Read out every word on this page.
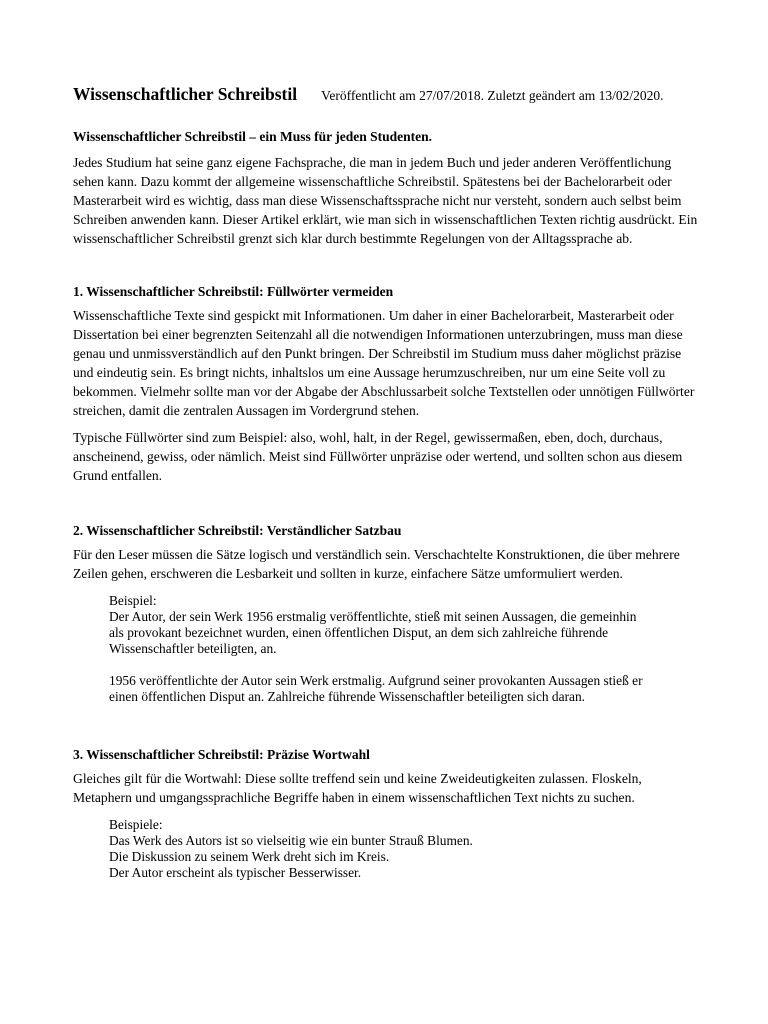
Wissenschaftlicher Schreibstil Veröffentlicht am 27/07/2018. Zuletzt geändert am 13/02/2020.
Wissenschaftlicher Schreibstil – ein Muss für jeden Studenten.

Jedes Studium hat seine ganz eigene Fachsprache, die man in jedem Buch und jeder anderen Veröffentlichung sehen kann. Dazu kommt der allgemeine wissenschaftliche Schreibstil. Spätestens bei der Bachelorarbeit oder Masterarbeit wird es wichtig, dass man diese Wissenschaftssprache nicht nur versteht, sondern auch selbst beim Schreiben anwenden kann. Dieser Artikel erklärt, wie man sich in wissenschaftlichen Texten richtig ausdrückt. Ein wissenschaftlicher Schreibstil grenzt sich klar durch bestimmte Regelungen von der Alltagssprache ab.

1. Wissenschaftlicher Schreibstil: Füllwörter vermeiden

Wissenschaftliche Texte sind gespickt mit Informationen. Um daher in einer Bachelorarbeit, Masterarbeit oder Dissertation bei einer begrenzten Seitenzahl all die notwendigen Informationen unterzubringen, muss man diese genau und unmissverständlich auf den Punkt bringen. Der Schreibstil im Studium muss daher möglichst präzise und eindeutig sein. Es bringt nichts, inhaltslos um eine Aussage herumzuschreiben, nur um eine Seite voll zu bekommen. Vielmehr sollte man vor der Abgabe der Abschlussarbeit solche Textstellen oder unnötigen Füllwörter streichen, damit die zentralen Aussagen im Vordergrund stehen.

Typische Füllwörter sind zum Beispiel: also, wohl, halt, in der Regel, gewissermaßen, eben, doch, durchaus, anscheinend, gewiss, oder nämlich. Meist sind Füllwörter unpräzise oder wertend, und sollten schon aus diesem Grund entfallen.

2. Wissenschaftlicher Schreibstil: Verständlicher Satzbau

Für den Leser müssen die Sätze logisch und verständlich sein. Verschachtelte Konstruktionen, die über mehrere Zeilen gehen, erschweren die Lesbarkeit und sollten in kurze, einfachere Sätze umformuliert werden.

Beispiel:
Der Autor, der sein Werk 1956 erstmalig veröffentlichte, stieß mit seinen Aussagen, die gemeinhin als provokant bezeichnet wurden, einen öffentlichen Disput, an dem sich zahlreiche führende Wissenschaftler beteiligten, an.
1956 veröffentlichte der Autor sein Werk erstmalig. Aufgrund seiner provokanten Aussagen stieß er einen öffentlichen Disput an. Zahlreiche führende Wissenschaftler beteiligten sich daran.
3. Wissenschaftlicher Schreibstil: Präzise Wortwahl

Gleiches gilt für die Wortwahl: Diese sollte treffend sein und keine Zweideutigkeiten zulassen. Floskeln, Metaphern und umgangssprachliche Begriffe haben in einem wissenschaftlichen Text nichts zu suchen.

Beispiele:
Das Werk des Autors ist so vielseitig wie ein bunter Strauß Blumen.
Die Diskussion zu seinem Werk dreht sich im Kreis.
Der Autor erscheint als typischer Besserwisser.
